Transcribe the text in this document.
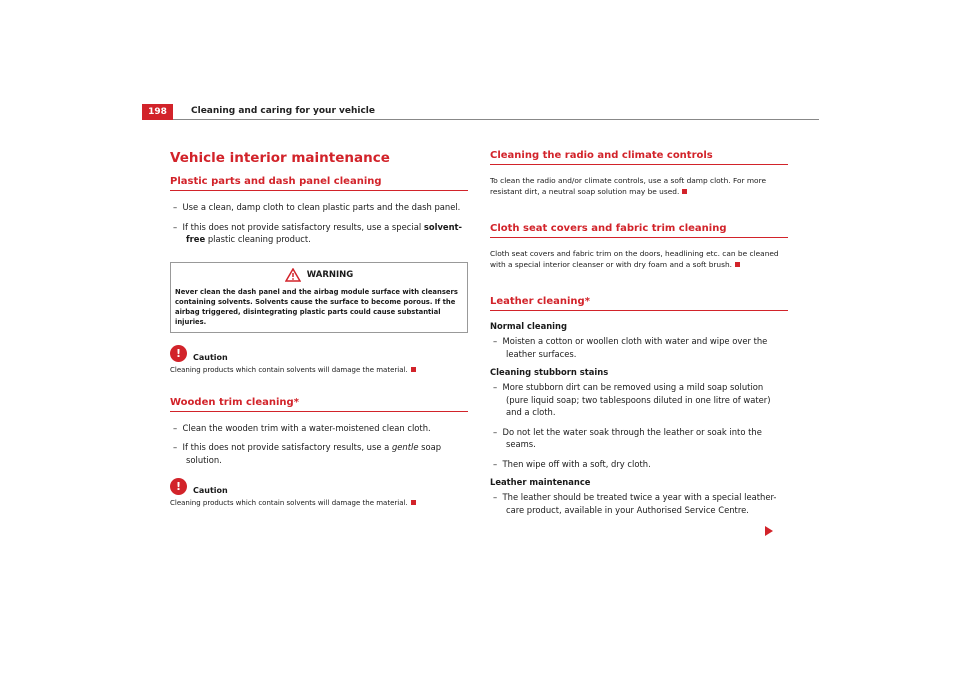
198	Cleaning and caring for your vehicle
Vehicle interior maintenance
Plastic parts and dash panel cleaning
– Use a clean, damp cloth to clean plastic parts and the dash panel.
– If this does not provide satisfactory results, use a special solvent-free plastic cleaning product.
WARNING
Never clean the dash panel and the airbag module surface with cleansers containing solvents. Solvents cause the surface to become porous. If the airbag triggered, disintegrating plastic parts could cause substantial injuries.
!	Caution
Cleaning products which contain solvents will damage the material.
Wooden trim cleaning*
– Clean the wooden trim with a water-moistened clean cloth.
– If this does not provide satisfactory results, use a gentle soap solution.
!	Caution
Cleaning products which contain solvents will damage the material.
Cleaning the radio and climate controls
To clean the radio and/or climate controls, use a soft damp cloth. For more resistant dirt, a neutral soap solution may be used.
Cloth seat covers and fabric trim cleaning
Cloth seat covers and fabric trim on the doors, headlining etc. can be cleaned with a special interior cleanser or with dry foam and a soft brush.
Leather cleaning*
Normal cleaning
– Moisten a cotton or woollen cloth with water and wipe over the leather surfaces.
Cleaning stubborn stains
– More stubborn dirt can be removed using a mild soap solution (pure liquid soap; two tablespoons diluted in one litre of water) and a cloth.
– Do not let the water soak through the leather or soak into the seams.
– Then wipe off with a soft, dry cloth.
Leather maintenance
– The leather should be treated twice a year with a special leather-care product, available in your Authorised Service Centre.
